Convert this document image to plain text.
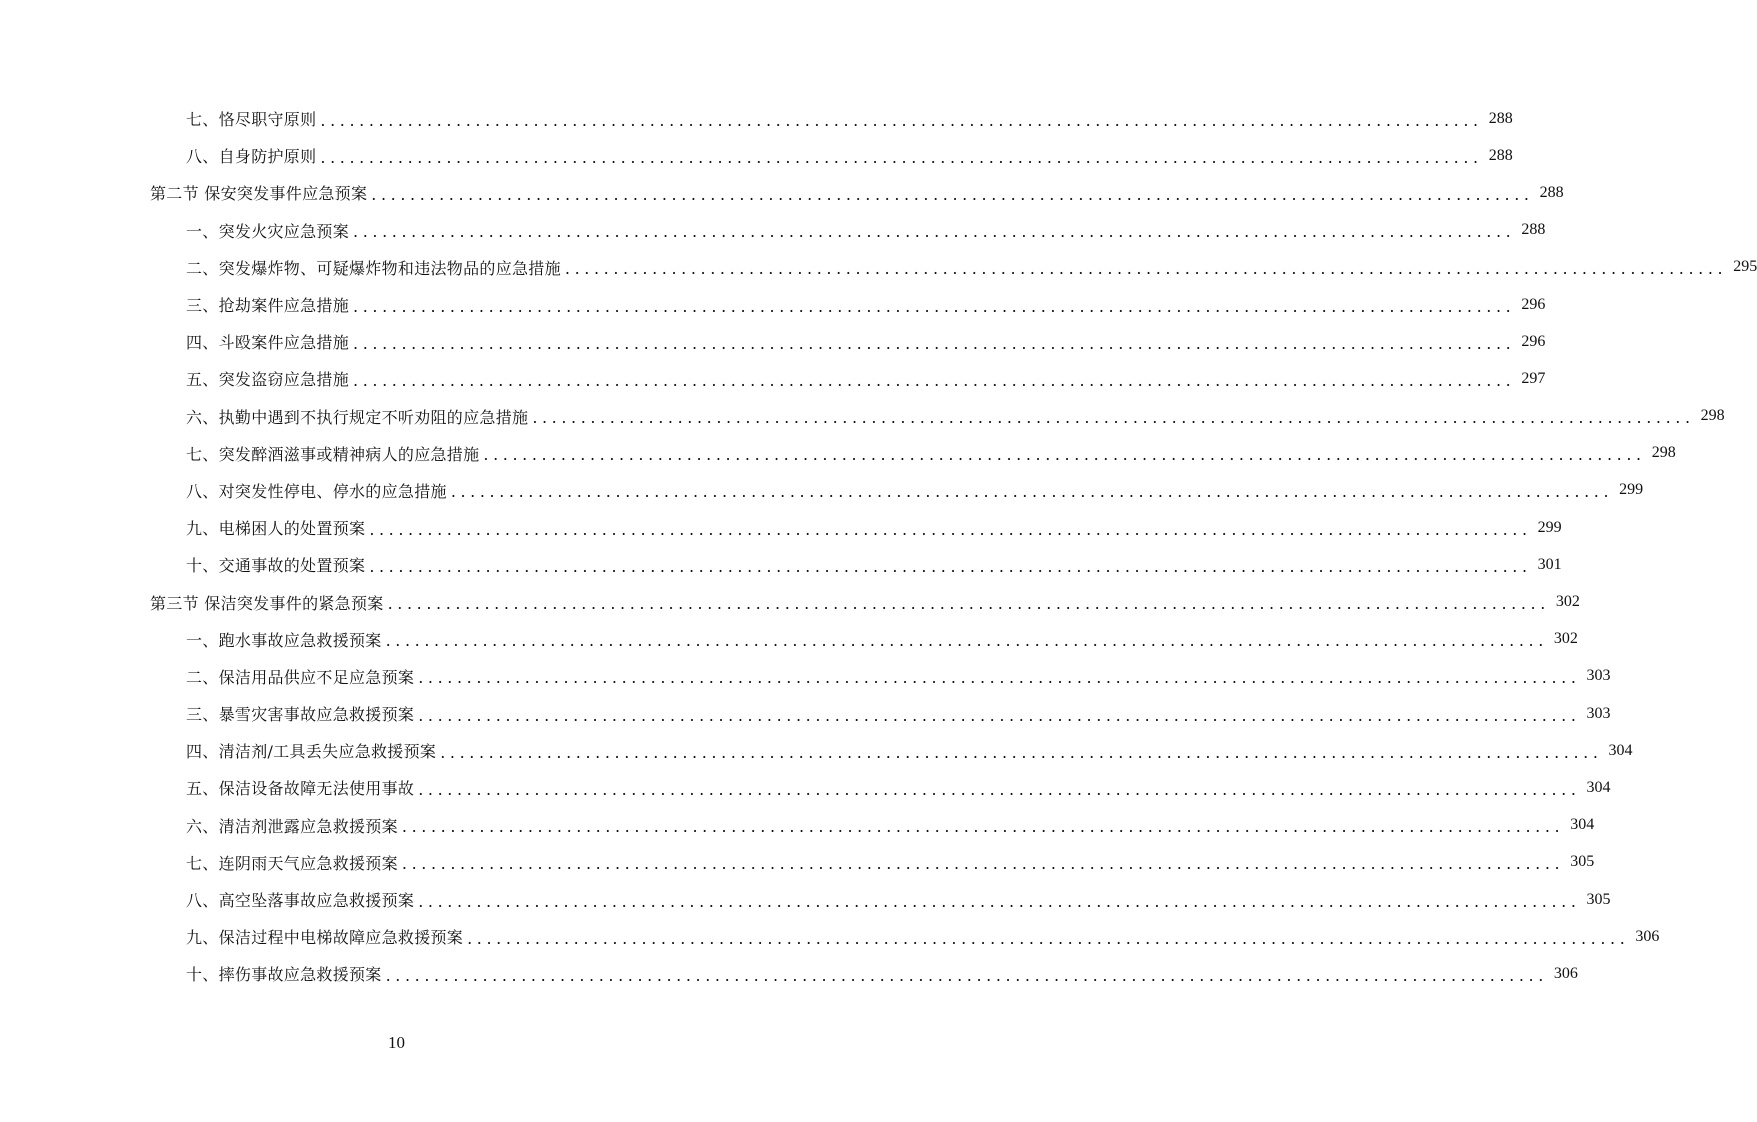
七、恪尽职守原则 ........................................................................................................................ 288
八、自身防护原则 ........................................................................................................................ 288
第二节 保安突发事件应急预案 ........................................................................................................................ 288
一、突发火灾应急预案 ........................................................................................................................ 288
二、突发爆炸物、可疑爆炸物和违法物品的应急措施 ........................................................................................................................ 295
三、抢劫案件应急措施 ........................................................................................................................ 296
四、斗殴案件应急措施 ........................................................................................................................ 296
五、突发盗窃应急措施 ........................................................................................................................ 297
六、执勤中遇到不执行规定不听劝阻的应急措施 ........................................................................................................................ 298
七、突发醉酒滋事或精神病人的应急措施 ........................................................................................................................ 298
八、对突发性停电、停水的应急措施 ........................................................................................................................ 299
九、电梯困人的处置预案 ........................................................................................................................ 299
十、交通事故的处置预案 ........................................................................................................................ 301
第三节 保洁突发事件的紧急预案 ........................................................................................................................ 302
一、跑水事故应急救援预案 ........................................................................................................................ 302
二、保洁用品供应不足应急预案 ........................................................................................................................ 303
三、暴雪灾害事故应急救援预案 ........................................................................................................................ 303
四、清洁剂/工具丢失应急救援预案 ........................................................................................................................ 304
五、保洁设备故障无法使用事故 ........................................................................................................................ 304
六、清洁剂泄露应急救援预案 ........................................................................................................................ 304
七、连阴雨天气应急救援预案 ........................................................................................................................ 305
八、高空坠落事故应急救援预案 ........................................................................................................................ 305
九、保洁过程中电梯故障应急救援预案 ........................................................................................................................ 306
十、摔伤事故应急救援预案 ........................................................................................................................ 306
10
